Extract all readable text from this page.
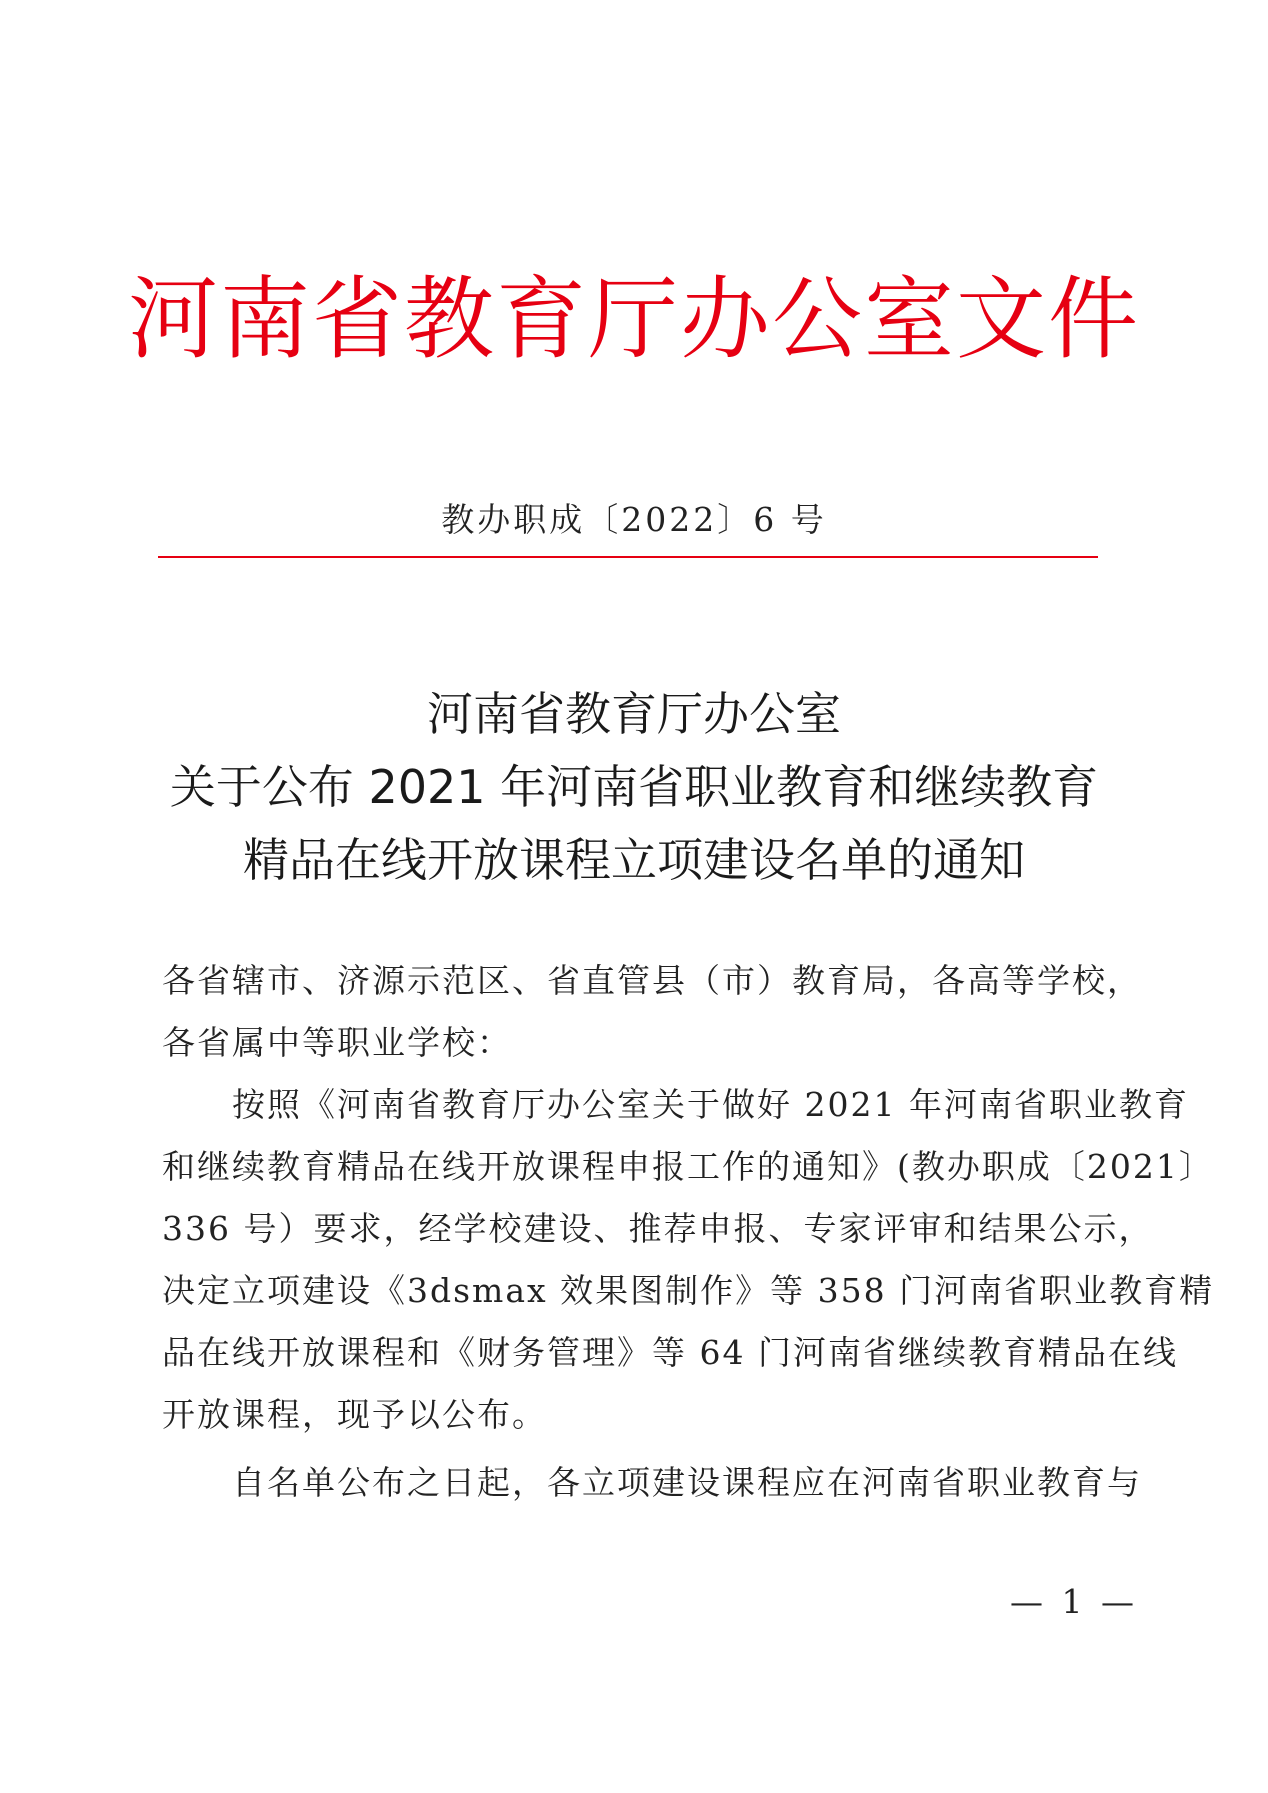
河南省教育厅办公室文件
教办职成〔2022〕6 号
河南省教育厅办公室
关于公布 2021 年河南省职业教育和继续教育
精品在线开放课程立项建设名单的通知
各省辖市、济源示范区、省直管县（市）教育局，各高等学校，
各省属中等职业学校：
　　按照《河南省教育厅办公室关于做好 2021 年河南省职业教育
和继续教育精品在线开放课程申报工作的通知》(教办职成〔2021〕
336 号）要求，经学校建设、推荐申报、专家评审和结果公示，
决定立项建设《3dsmax 效果图制作》等 358 门河南省职业教育精
品在线开放课程和《财务管理》等 64 门河南省继续教育精品在线
开放课程，现予以公布。
　　自名单公布之日起，各立项建设课程应在河南省职业教育与
— 1 —
